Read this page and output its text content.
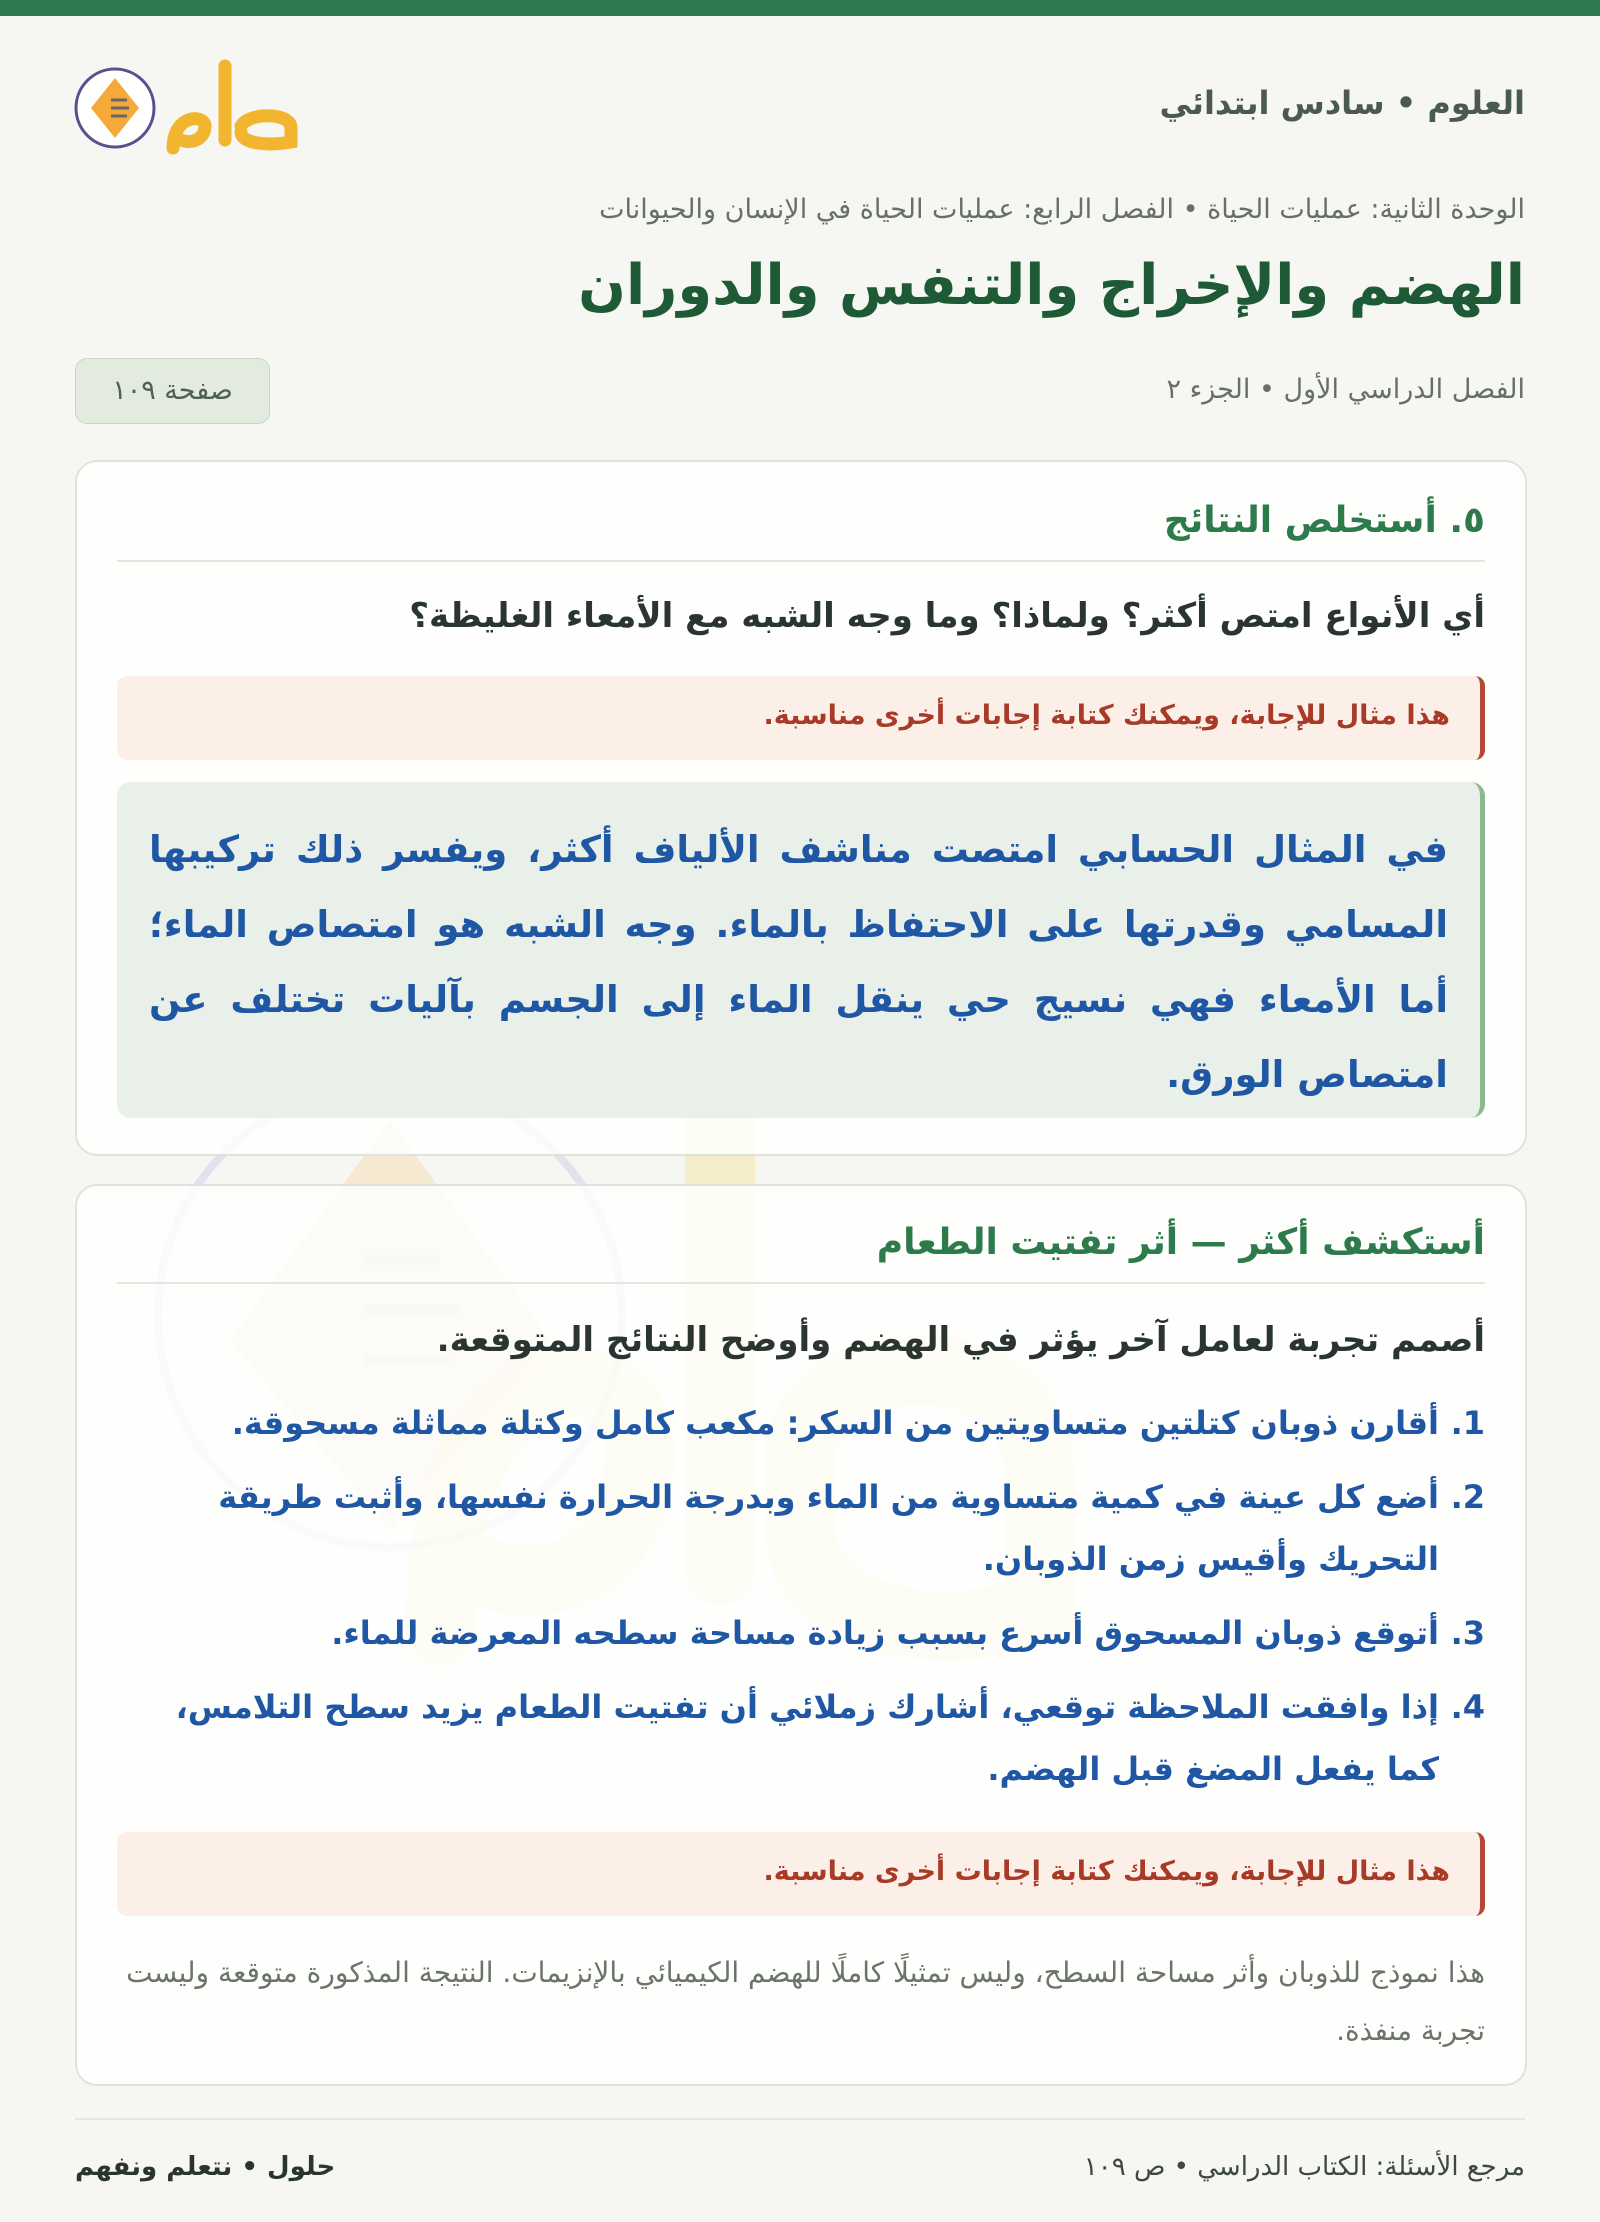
العلوم • سادس ابتدائي
حلول
الوحدة الثانية: عمليات الحياة • الفصل الرابع: عمليات الحياة في الإنسان والحيوانات
الهضم والإخراج والتنفس والدوران
الفصل الدراسي الأول • الجزء ٢
صفحة ١٠٩
٥. أستخلص النتائج
أي الأنواع امتص أكثر؟ ولماذا؟ وما وجه الشبه مع الأمعاء الغليظة؟
هذا مثال للإجابة، ويمكنك كتابة إجابات أخرى مناسبة.
في المثال الحسابي امتصت مناشف الألياف أكثر، ويفسر ذلك تركيبها المسامي وقدرتها على الاحتفاظ بالماء. وجه الشبه هو امتصاص الماء؛ أما الأمعاء فهي نسيج حي ينقل الماء إلى الجسم بآليات تختلف عن امتصاص الورق.
أستكشف أكثر — أثر تفتيت الطعام
أصمم تجربة لعامل آخر يؤثر في الهضم وأوضح النتائج المتوقعة.
1.
أقارن ذوبان كتلتين متساويتين من السكر: مكعب كامل وكتلة مماثلة مسحوقة.
2.
أضع كل عينة في كمية متساوية من الماء وبدرجة الحرارة نفسها، وأثبت طريقة التحريك وأقيس زمن الذوبان.
3.
أتوقع ذوبان المسحوق أسرع بسبب زيادة مساحة سطحه المعرضة للماء.
4.
إذا وافقت الملاحظة توقعي، أشارك زملائي أن تفتيت الطعام يزيد سطح التلامس، كما يفعل المضغ قبل الهضم.
هذا مثال للإجابة، ويمكنك كتابة إجابات أخرى مناسبة.
هذا نموذج للذوبان وأثر مساحة السطح، وليس تمثيلًا كاملًا للهضم الكيميائي بالإنزيمات. النتيجة المذكورة متوقعة وليست تجربة منفذة.
مرجع الأسئلة: الكتاب الدراسي • ص ١٠٩
حلول • نتعلم ونفهم
